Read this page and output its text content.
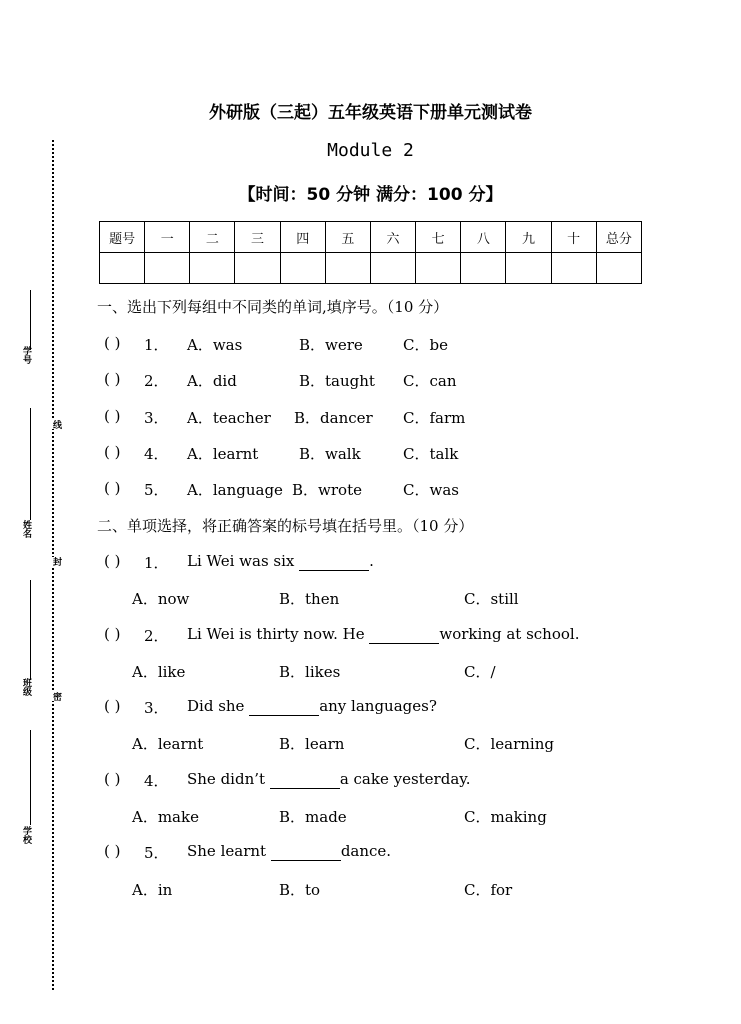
学号
姓名
班级
学校
线
封
密
外研版（三起）五年级英语下册单元测试卷
Module 2
【时间：50 分钟 满分：100 分】
题号	一	二	三	四	五	六	七	八	九	十	总分

一、选出下列每组中不同类的单词,填序号。（10 分）
( ) 1． A．was	B．were	C．be
( ) 2． A．did	B．taught C．can
( ) 3． A．teacher B．dancer C．farm
( ) 4． A．learnt	B．walk	C．talk
( ) 5． A．language B．wrote	C．was
二、单项选择，将正确答案的标号填在括号里。（10 分）
( ) 1． Li Wei was six	.
A．now	B．then	C．still
( ) 2． Li Wei is thirty now. He	working at school.
A．like	B．likes	C．/
( ) 3． Did she	any languages?
A．learnt	B．learn	C．learning
( ) 4． She didn’t	a cake yesterday.
A．make	B．made	C．making
( ) 5． She learnt	dance.
A．in	B．to	C．for
